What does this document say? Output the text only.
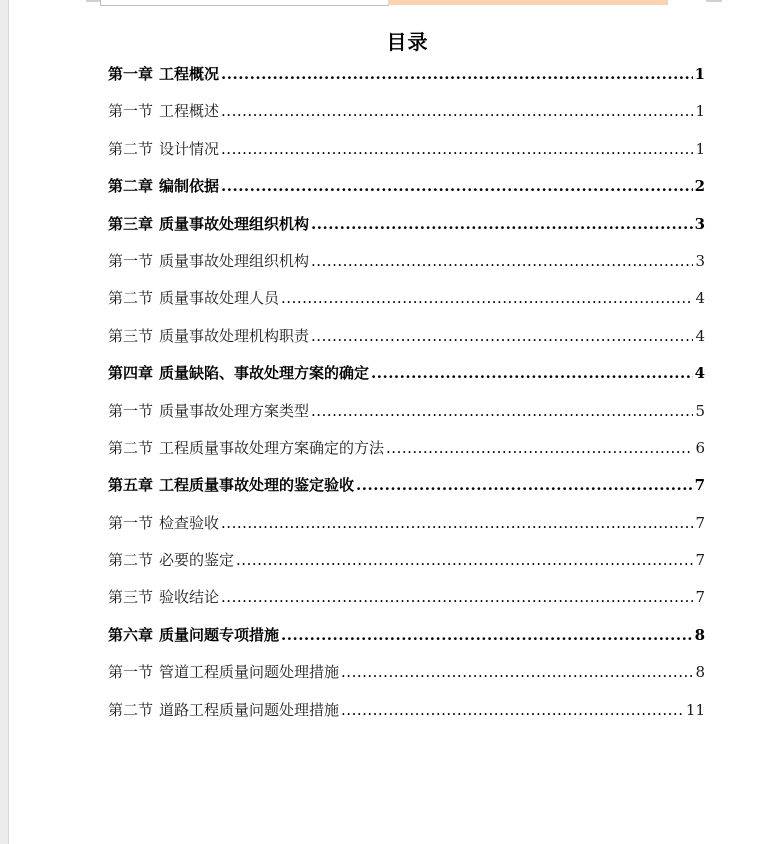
目录
第一章 工程概况 .....	1
第一节 工程概述 .....	1
第二节 设计情况 .....	1
第二章 编制依据 .....	2
第三章 质量事故处理组织机构 .....	3
第一节 质量事故处理组织机构 .....	3
第二节 质量事故处理人员 .....	4
第三节 质量事故处理机构职责 .....	4
第四章 质量缺陷、事故处理方案的确定 .....	4
第一节 质量事故处理方案类型 .....	5
第二节 工程质量事故处理方案确定的方法 .....	6
第五章 工程质量事故处理的鉴定验收 .....	7
第一节 检查验收 .....	7
第二节 必要的鉴定 .....	7
第三节 验收结论 .....	7
第六章 质量问题专项措施 .....	8
第一节 管道工程质量问题处理措施 .....	8
第二节 道路工程质量问题处理措施 .....	11
